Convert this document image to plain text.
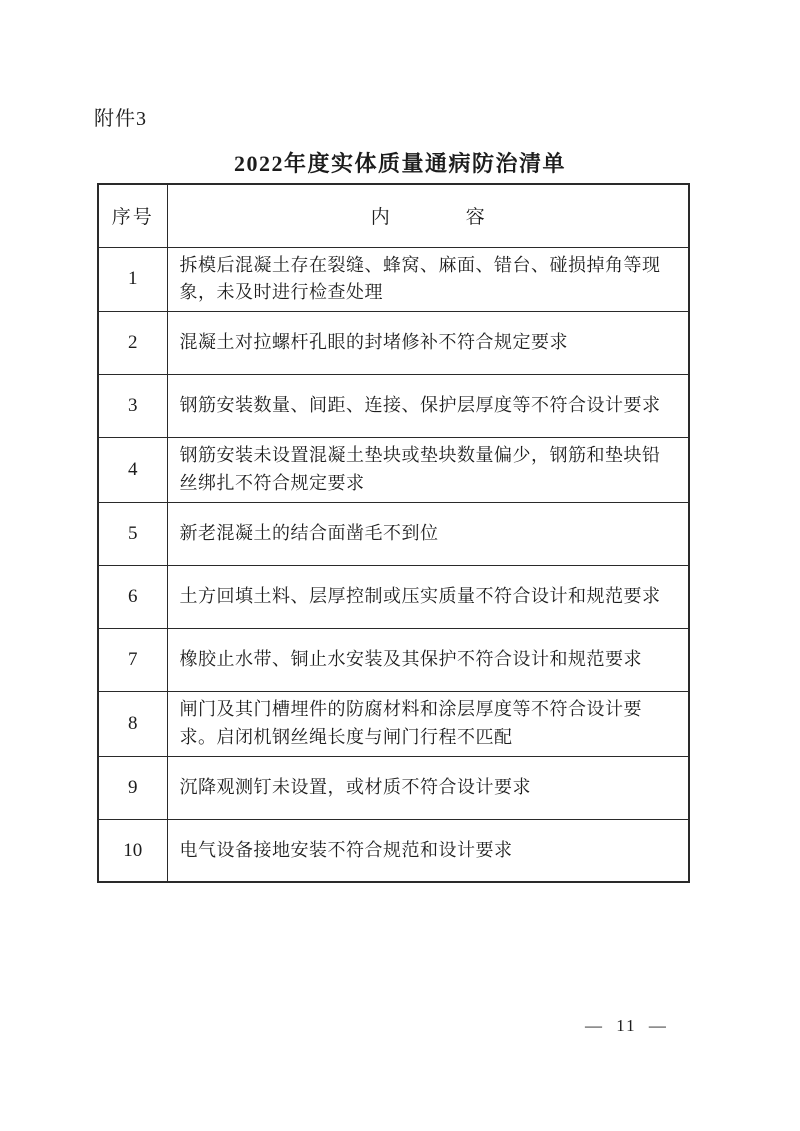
附件3
2022年度实体质量通病防治清单
序号	内　　　　容
1	拆模后混凝土存在裂缝、蜂窝、麻面、错台、碰损掉角等现象，未及时进行检查处理
2	混凝土对拉螺杆孔眼的封堵修补不符合规定要求
3	钢筋安装数量、间距、连接、保护层厚度等不符合设计要求
4	钢筋安装未设置混凝土垫块或垫块数量偏少，钢筋和垫块铅丝绑扎不符合规定要求
5	新老混凝土的结合面凿毛不到位
6	土方回填土料、层厚控制或压实质量不符合设计和规范要求
7	橡胶止水带、铜止水安装及其保护不符合设计和规范要求
8	闸门及其门槽埋件的防腐材料和涂层厚度等不符合设计要求。启闭机钢丝绳长度与闸门行程不匹配
9	沉降观测钉未设置，或材质不符合设计要求
10	电气设备接地安装不符合规范和设计要求
— 11 —
